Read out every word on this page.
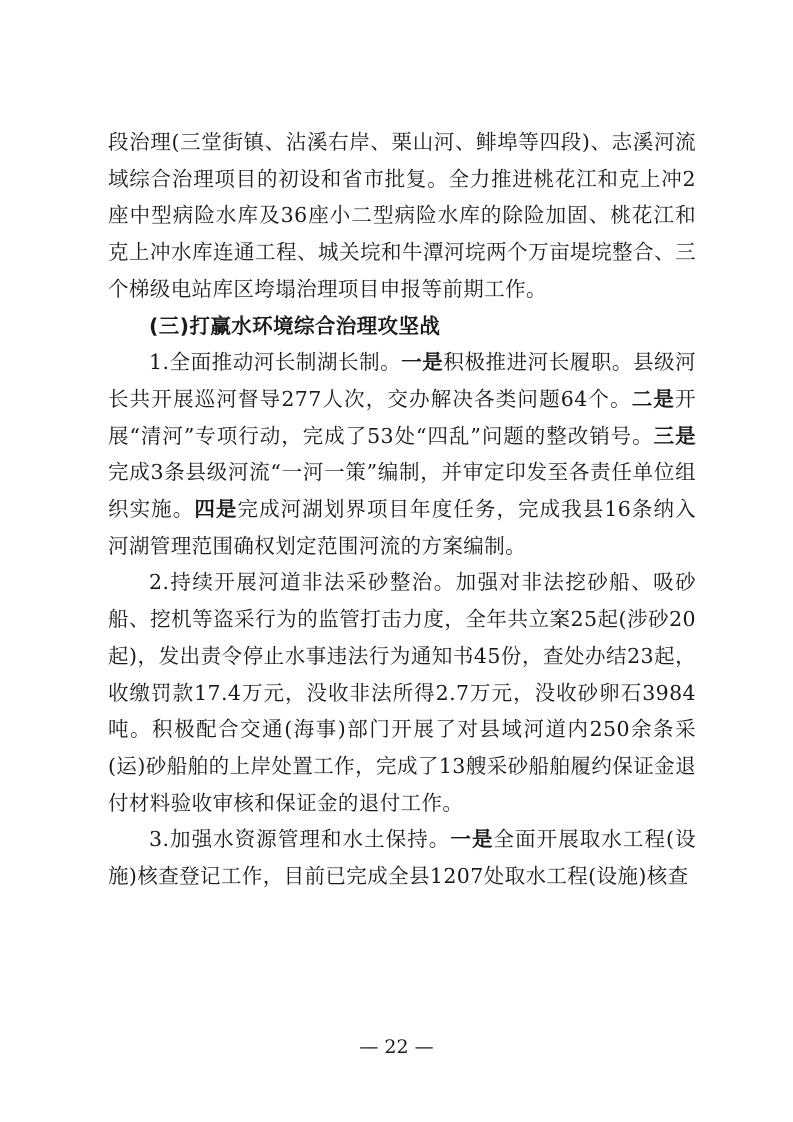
段治理(三堂街镇、沾溪右岸、栗山河、鲱埠等四段)、志溪河流域综合治理项目的初设和省市批复。全力推进桃花江和克上冲2座中型病险水库及36座小二型病险水库的除险加固、桃花江和克上冲水库连通工程、城关垸和牛潭河垸两个万亩堤垸整合、三个梯级电站库区垮塌治理项目申报等前期工作。

(三)打赢水环境综合治理攻坚战

1.全面推动河长制湖长制。一是积极推进河长履职。县级河长共开展巡河督导277人次，交办解决各类问题64个。二是开展“清河”专项行动，完成了53处“四乱”问题的整改销号。三是完成3条县级河流“一河一策”编制，并审定印发至各责任单位组织实施。四是完成河湖划界项目年度任务，完成我县16条纳入河湖管理范围确权划定范围河流的方案编制。

2.持续开展河道非法采砂整治。加强对非法挖砂船、吸砂船、挖机等盗采行为的监管打击力度，全年共立案25起(涉砂20起)，发出责令停止水事违法行为通知书45份，查处办结23起，收缴罚款17.4万元，没收非法所得2.7万元，没收砂卵石3984吨。积极配合交通(海事)部门开展了对县域河道内250余条采(运)砂船舶的上岸处置工作，完成了13艘采砂船舶履约保证金退付材料验收审核和保证金的退付工作。

3.加强水资源管理和水土保持。一是全面开展取水工程(设施)核查登记工作，目前已完成全县1207处取水工程(设施)核查

— 22 —
